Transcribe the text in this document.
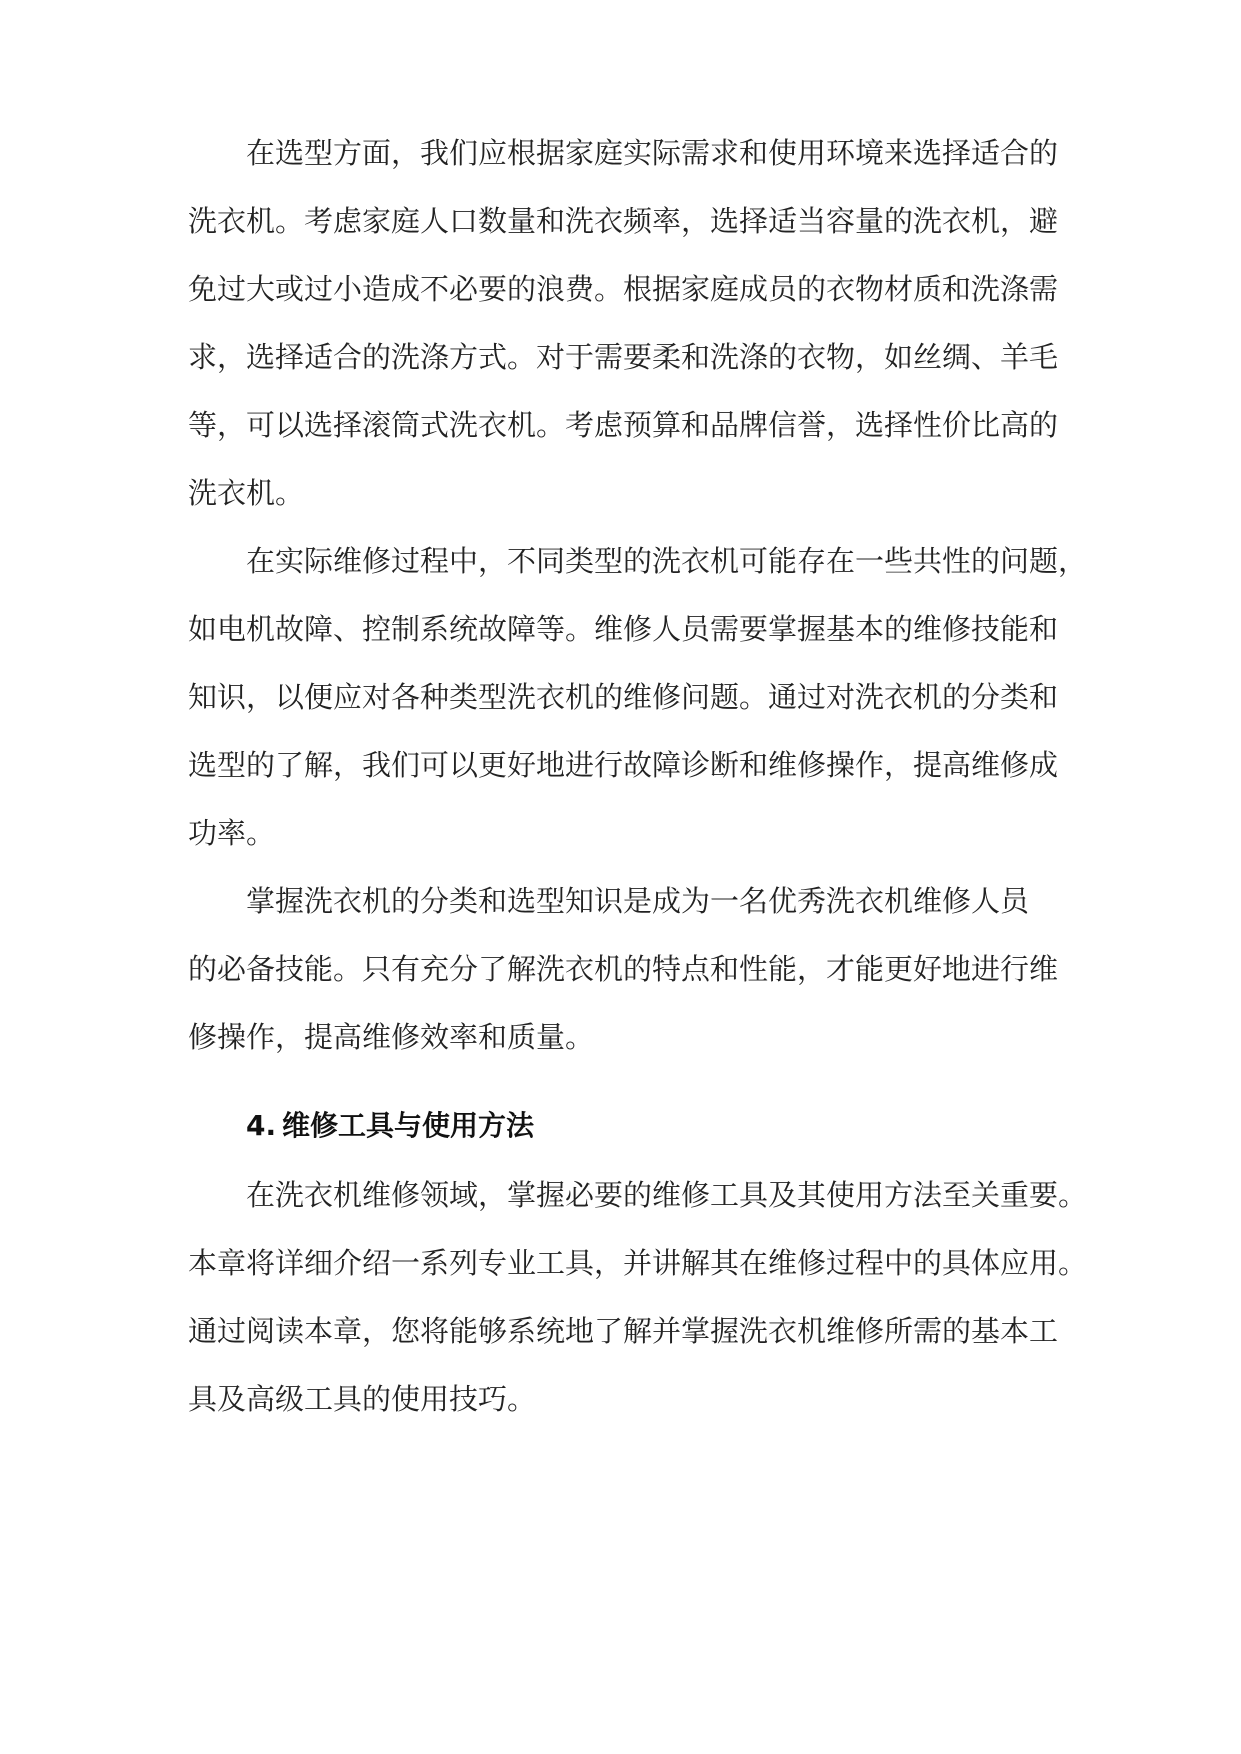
在选型方面，我们应根据家庭实际需求和使用环境来选择适合的
洗衣机。考虑家庭人口数量和洗衣频率，选择适当容量的洗衣机，避
免过大或过小造成不必要的浪费。根据家庭成员的衣物材质和洗涤需
求，选择适合的洗涤方式。对于需要柔和洗涤的衣物，如丝绸、羊毛
等，可以选择滚筒式洗衣机。考虑预算和品牌信誉，选择性价比高的
洗衣机。
在实际维修过程中，不同类型的洗衣机可能存在一些共性的问题，
如电机故障、控制系统故障等。维修人员需要掌握基本的维修技能和
知识，以便应对各种类型洗衣机的维修问题。通过对洗衣机的分类和
选型的了解，我们可以更好地进行故障诊断和维修操作，提高维修成
功率。
掌握洗衣机的分类和选型知识是成为一名优秀洗衣机维修人员
的必备技能。只有充分了解洗衣机的特点和性能，才能更好地进行维
修操作，提高维修效率和质量。
4. 维修工具与使用方法
在洗衣机维修领域，掌握必要的维修工具及其使用方法至关重要。
本章将详细介绍一系列专业工具，并讲解其在维修过程中的具体应用。
通过阅读本章，您将能够系统地了解并掌握洗衣机维修所需的基本工
具及高级工具的使用技巧。
